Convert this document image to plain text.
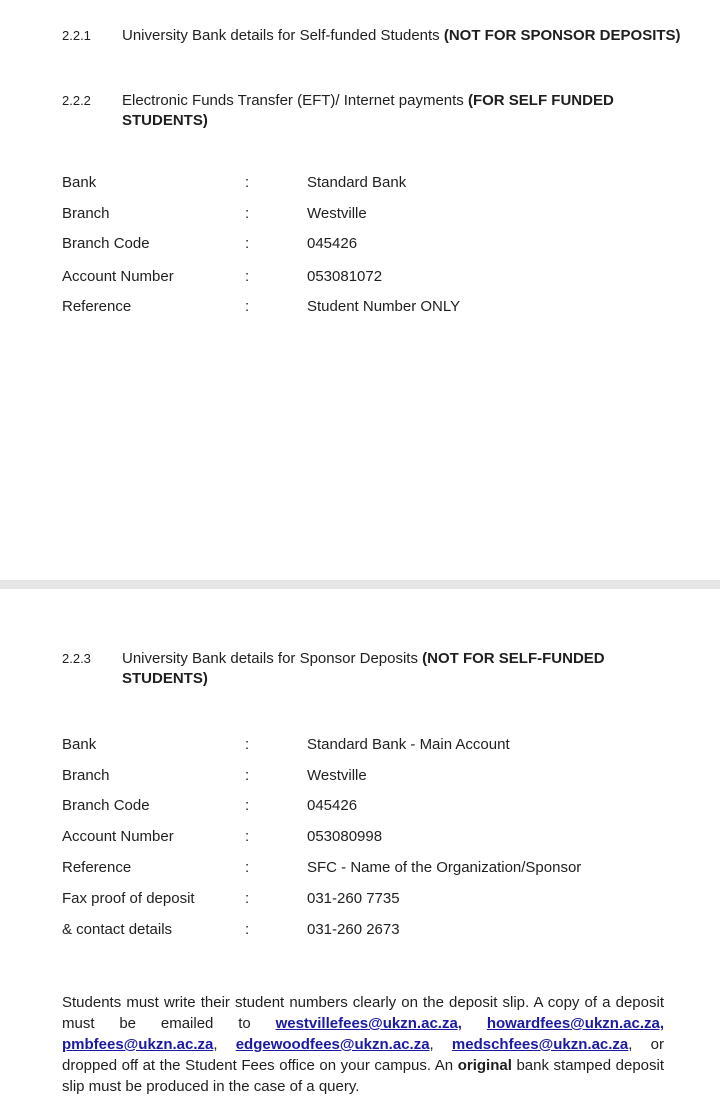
2.2.1 University Bank details for Self-funded Students (NOT FOR SPONSOR DEPOSITS)
2.2.2 Electronic Funds Transfer (EFT)/ Internet payments (FOR SELF FUNDED STUDENTS)
Bank	:	Standard Bank
Branch	:	Westville
Branch Code	:	045426
Account Number	:	053081072
Reference	:	Student Number ONLY
2.2.3 University Bank details for Sponsor Deposits (NOT FOR SELF-FUNDED STUDENTS)
Bank	:	Standard Bank - Main Account
Branch	:	Westville
Branch Code	:	045426
Account Number	:	053080998
Reference	:	SFC - Name of the Organization/Sponsor
Fax proof of deposit	:	031-260 7735
& contact details	:	031-260 2673

Students must write their student numbers clearly on the deposit slip. A copy of a deposit must be emailed to westvillefees@ukzn.ac.za, howardfees@ukzn.ac.za, pmbfees@ukzn.ac.za, edgewoodfees@ukzn.ac.za, medschfees@ukzn.ac.za, or dropped off at the Student Fees office on your campus. An original bank stamped deposit slip must be produced in the case of a query.
